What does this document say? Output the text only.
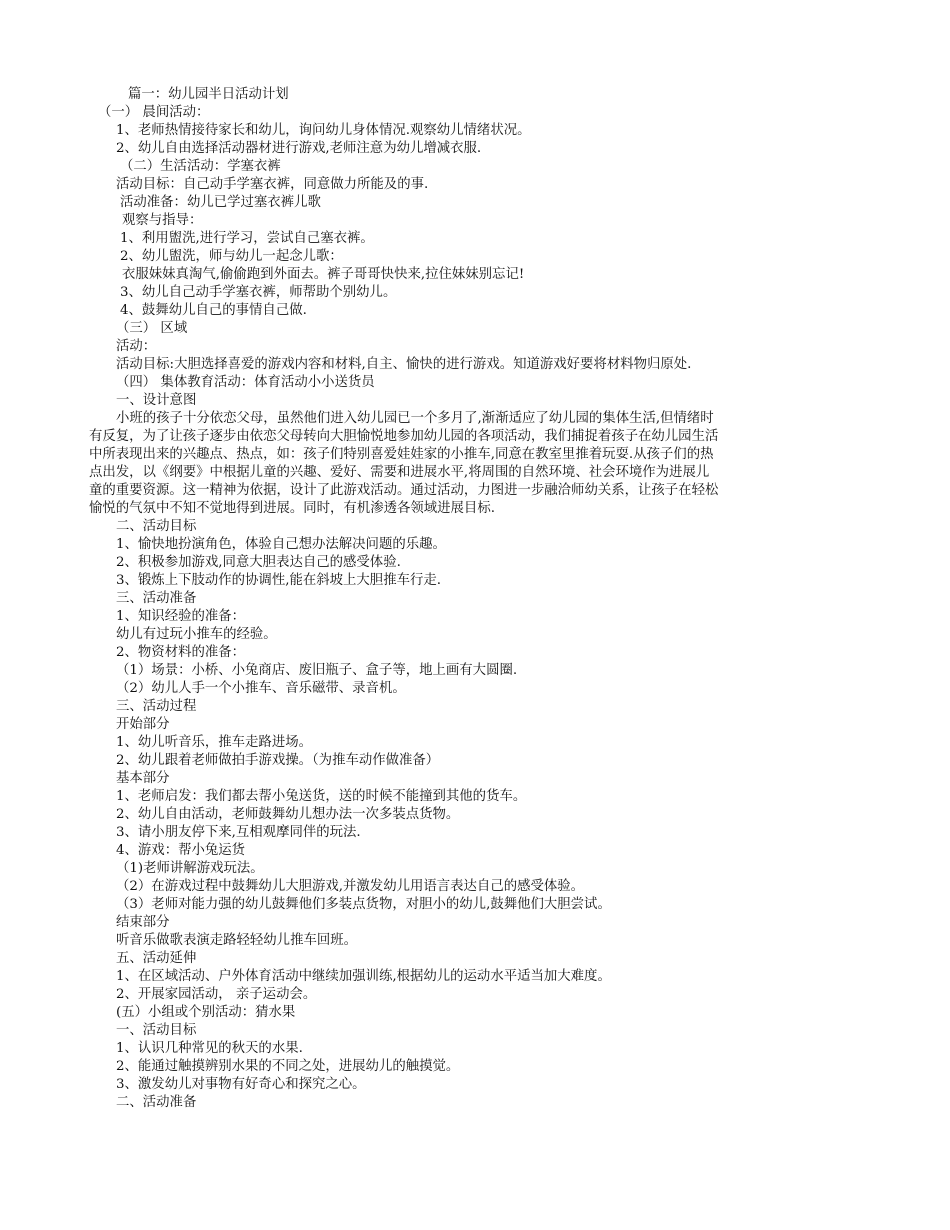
篇一：幼儿园半日活动计划
（一） 晨间活动：
1、老师热情接待家长和幼儿，询问幼儿身体情况.观察幼儿情绪状况。
2、幼儿自由选择活动器材进行游戏,老师注意为幼儿增减衣服.
（二）生活活动：学塞衣裤
活动目标：自己动手学塞衣裤，同意做力所能及的事.
活动准备：幼儿已学过塞衣裤儿歌
观察与指导：
1、利用盥洗,进行学习，尝试自己塞衣裤。
2、幼儿盥洗，师与幼儿一起念儿歌：
衣服妹妹真淘气,偷偷跑到外面去。裤子哥哥快快来,拉住妹妹别忘记!
3、幼儿自己动手学塞衣裤，师帮助个别幼儿。
4、鼓舞幼儿自己的事情自己做.
（三） 区域
活动：
活动目标:大胆选择喜爱的游戏内容和材料,自主、愉快的进行游戏。知道游戏好要将材料物归原处.
（四） 集体教育活动：体育活动小小送货员
一、设计意图
小班的孩子十分依恋父母，虽然他们进入幼儿园已一个多月了,渐渐适应了幼儿园的集体生活,但情绪时
有反复，为了让孩子逐步由依恋父母转向大胆愉悦地参加幼儿园的各项活动，我们捕捉着孩子在幼儿园生活
中所表现出来的兴趣点、热点，如：孩子们特别喜爱娃娃家的小推车,同意在教室里推着玩耍.从孩子们的热
点出发，以《纲要》中根据儿童的兴趣、爱好、需要和进展水平,将周围的自然环境、社会环境作为进展儿
童的重要资源。这一精神为依据，设计了此游戏活动。通过活动，力图进一步融洽师幼关系，让孩子在轻松
愉悦的气氛中不知不觉地得到进展。同时，有机渗透各领域进展目标.
二、活动目标
1、愉快地扮演角色，体验自己想办法解决问题的乐趣。
2、积极参加游戏,同意大胆表达自己的感受体验.
3、锻炼上下肢动作的协调性,能在斜坡上大胆推车行走.
三、活动准备
1、知识经验的准备：
幼儿有过玩小推车的经验。
2、物资材料的准备：
（1）场景：小桥、小兔商店、废旧瓶子、盒子等，地上画有大圆圈.
（2）幼儿人手一个小推车、音乐磁带、录音机。
三、活动过程
开始部分
1、幼儿听音乐，推车走路进场。
2、幼儿跟着老师做拍手游戏操。（为推车动作做准备）
基本部分
1、老师启发：我们都去帮小兔送货，送的时候不能撞到其他的货车。
2、幼儿自由活动，老师鼓舞幼儿想办法一次多装点货物。
3、请小朋友停下来,互相观摩同伴的玩法.
4、游戏：帮小兔运货
（1)老师讲解游戏玩法。
（2）在游戏过程中鼓舞幼儿大胆游戏,并激发幼儿用语言表达自己的感受体验。
（3）老师对能力强的幼儿鼓舞他们多装点货物，对胆小的幼儿,鼓舞他们大胆尝试。
结束部分
听音乐做歌表演走路轻轻幼儿推车回班。
五、活动延伸
1、在区域活动、户外体育活动中继续加强训练,根据幼儿的运动水平适当加大难度。
2、开展家园活动， 亲子运动会。
(五）小组或个别活动：猜水果
一、活动目标
1、认识几种常见的秋天的水果.
2、能通过触摸辨别水果的不同之处，进展幼儿的触摸觉。
3、激发幼儿对事物有好奇心和探究之心。
二、活动准备
